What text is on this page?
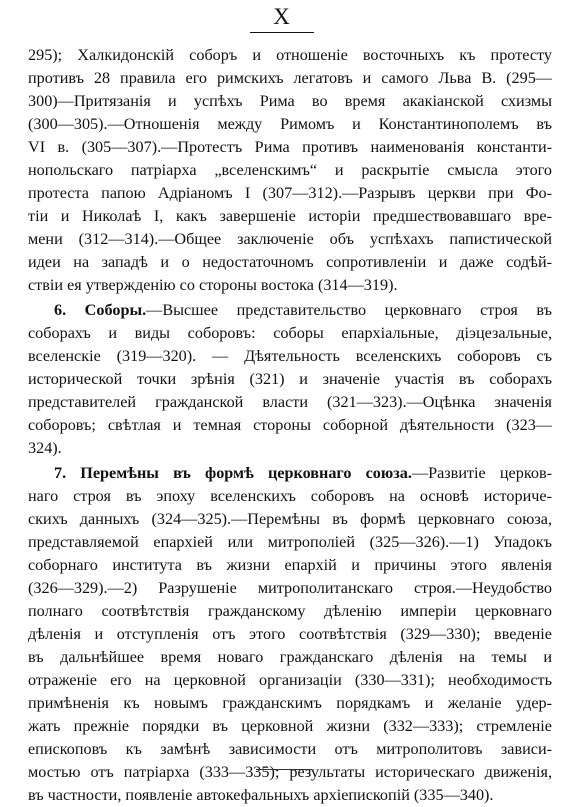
X
295); Халкидонскій соборъ и отношеніе восточныхъ къ протесту
противъ 28 правила его римскихъ легатовъ и самого Льва В. (295—
300)—Притязанія и успѣхъ Рима во время акакіанской схизмы
(300—305).—Отношенія между Римомъ и Константинополемъ въ
VI в. (305—307).—Протестъ Рима противъ наименованія константи-
нопольскаго патріарха „вселенскимъ“ и раскрытіе смысла этого
протеста папою Адріаномъ I (307—312).—Разрывъ церкви при Фо-
тіи и Николаѣ I, какъ завершеніе исторіи предшествовавшаго вре-
мени (312—314).—Общее заключеніе объ успѣхахъ папистической
идеи на западѣ и о недостаточномъ сопротивленіи и даже содѣй-
ствіи ея утвержденію со стороны востока (314—319).
6. Соборы.—Высшее представительство церковнаго строя въ
соборахъ и виды соборовъ: соборы епархіальные, діэцезальные,
вселенскіе (319—320). — Дѣятельность вселенскихъ соборовъ съ
исторической точки зрѣнія (321) и значеніе участія въ соборахъ
представителей гражданской власти (321—323).—Оцѣнка значенія
соборовъ; свѣтлая и темная стороны соборной дѣятельности (323—
324).
7. Перемѣны въ формѣ церковнаго союза.—Развитіе церков-
наго строя въ эпоху вселенскихъ соборовъ на основѣ историче-
скихъ данныхъ (324—325).—Перемѣны въ формѣ церковнаго союза,
представляемой епархіей или митрополіей (325—326).—1) Упадокъ
соборнаго института въ жизни епархій и причины этого явленія
(326—329).—2) Разрушеніе митрополитанскаго строя.—Неудобство
полнаго соотвѣтствія гражданскому дѣленію имперіи церковнаго
дѣленія и отступленія отъ этого соотвѣтствія (329—330); введеніе
въ дальнѣйшее время новаго гражданскаго дѣленія на темы и
отраженіе его на церковной организаціи (330—331); необходимость
примѣненія къ новымъ гражданскимъ порядкамъ и желаніе удер-
жать прежніе порядки въ церковной жизни (332—333); стремленіе
епископовъ къ замѣнѣ зависимости отъ митрополитовъ зависи-
мостью отъ патріарха (333—335); результаты историческаго движенія,
въ частности, появленіе автокефальныхъ архіепископій (335—340).
